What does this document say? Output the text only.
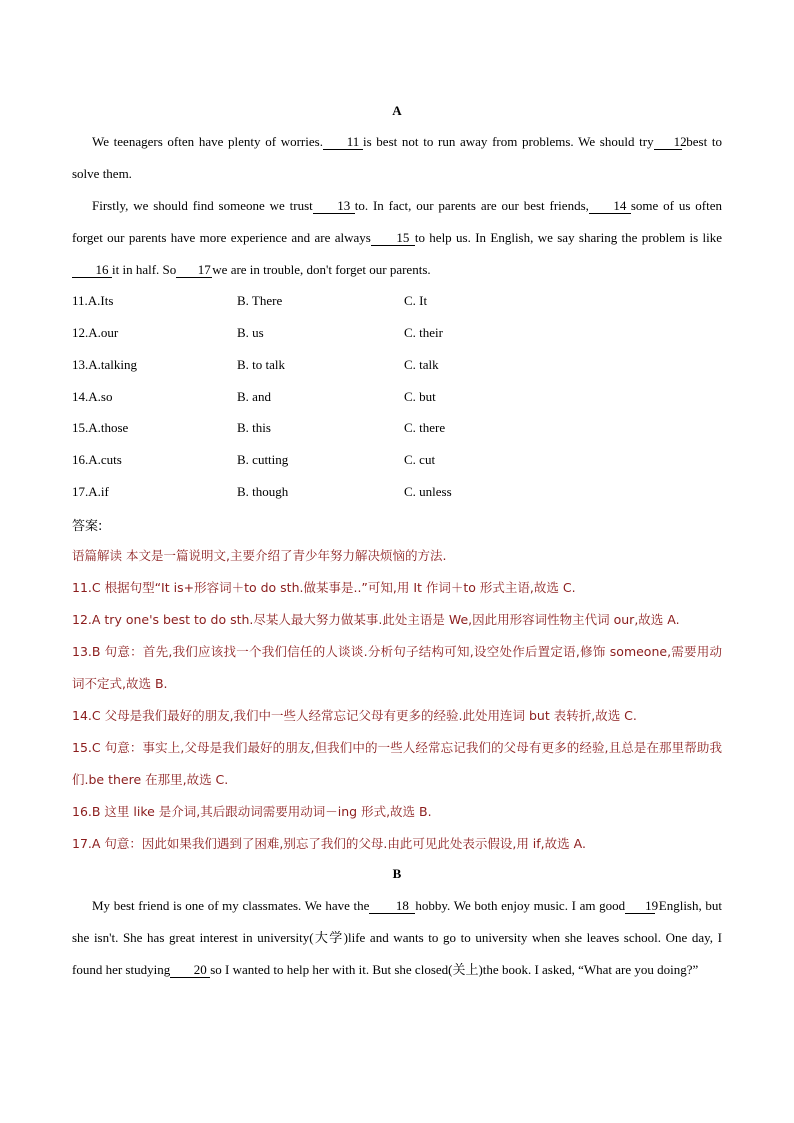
A
We teenagers often have plenty of worries. 11 is best not to run away from problems. We should try 12 best to solve them.
Firstly, we should find someone we trust 13 to. In fact, our parents are our best friends, 14 some of us often forget our parents have more experience and are always 15 to help us. In English, we say sharing the problem is like16 it in half. So 17 we are in trouble, don't forget our parents.
11.A.Its	B. There	C. It
12.A.our	B. us	C. their
13.A.talking	B. to talk	C. talk
14.A.so	B. and	C. but
15.A.those	B. this	C. there
16.A.cuts	B. cutting	C. cut
17.A.if	B. though	C. unless
答案:
语篇解读 本文是一篇说明文,主要介绍了青少年努力解决烦恼的方法.
11.C 根据句型“It is+形容词＋to do sth.做某事是..”可知,用 It 作词＋to 形式主语,故选 C.
12.A try one's best to do sth.尽某人最大努力做某事.此处主语是 We,因此用形容词性物主代词 our,故选 A.
13.B 句意：首先,我们应该找一个我们信任的人谈谈.分析句子结构可知,设空处作后置定语,修饰 someone,需要用动词不定式,故选 B.
14.C 父母是我们最好的朋友,我们中一些人经常忘记父母有更多的经验.此处用连词 but 表转折,故选 C.
15.C 句意：事实上,父母是我们最好的朋友,但我们中的一些人经常忘记我们的父母有更多的经验,且总是在那里帮助我们.be there 在那里,故选 C.
16.B 这里 like 是介词,其后跟动词需要用动词－ing 形式,故选 B.
17.A 句意：因此如果我们遇到了困难,别忘了我们的父母.由此可见此处表示假设,用 if,故选 A.
B
My best friend is one of my classmates. We have the 18 hobby. We both enjoy music. I am good 19 English, but she isn't. She has great interest in university(大学)life and wants to go to university when she leaves school. One day, I found her studying 20 so I wanted to help her with it. But she closed(关上)the book. I asked, “What are you doing?”
